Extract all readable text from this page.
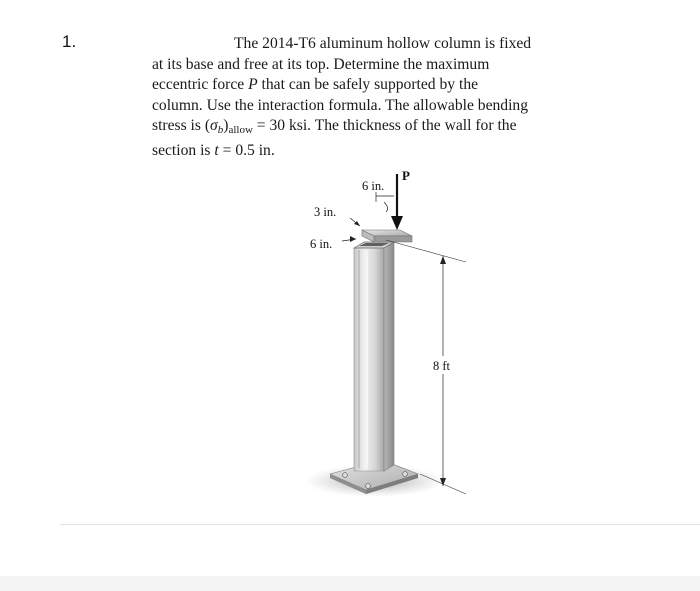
1.	The 2014-T6 aluminum hollow column is fixed
at its base and free at its top. Determine the maximum
eccentric force P that can be safely supported by the
column. Use the interaction formula. The allowable bending
stress is $(\sigma_b)_{allow} = 30$ ksi. The thickness of the wall for the
section is t = 0.5 in.
P
6 in.
3 in.
6 in.
8 ft
